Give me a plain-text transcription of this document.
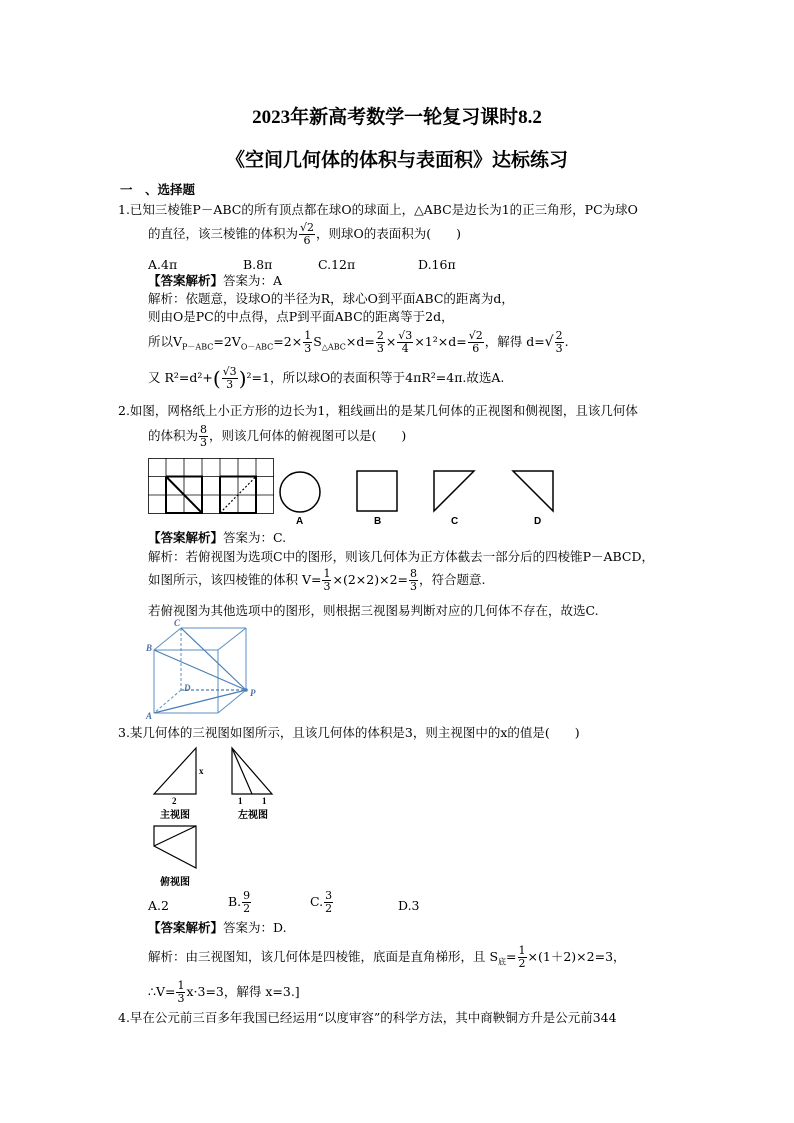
2023年新高考数学一轮复习课时8.2
《空间几何体的体积与表面积》达标练习
一　、选择题
1.已知三棱锥P－ABC的所有顶点都在球O的球面上，△ABC是边长为1的正三角形，PC为球O
的直径，该三棱锥的体积为 $\frac{√2}{6}$ ，则球O的表面积为(　　)
A.4π	B.8π	C.12π	D.16π
【答案解析】答案为：A
解析：依题意，设球O的半径为R，球心O到平面ABC的距离为d，
则由O是PC的中点得，点P到平面ABC的距离等于2d，
所以$V_{P-ABC}=2V_{O-ABC}=2\times \frac{1}{3} S_{\triangle ABC}\times d= \frac{2}{3} \times \frac{√3}{4} \times 1^2\times d= \frac{√2}{6}$ ，解得 $d=√ \frac{2}{3}$ .
又 $R^2=d^2+( \frac{√3}{3} )^2=1$，所以球O的表面积等于4πR²=4π.故选A.
2.如图，网格纸上小正方形的边长为1，粗线画出的是某几何体的正视图和侧视图，且该几何体
的体积为 $\frac{8}{3}$ ，则该几何体的俯视图可以是(　　)
A	B	C	D
【答案解析】答案为：C.
解析：若俯视图为选项C中的图形，则该几何体为正方体截去一部分后的四棱锥P－ABCD，
如图所示，该四棱锥的体积 $V= \frac{1}{3} \times(2\times 2)\times 2= \frac{8}{3}$ ，符合题意.
若俯视图为其他选项中的图形，则根据三视图易判断对应的几何体不存在，故选C.
C
B
D
A
P
3.某几何体的三视图如图所示，且该几何体的体积是3，则主视图中的x的值是(　　)
x
2
主视图
1 1
左视图
俯视图
A.2	B. $\frac{9}{2}$	C. $\frac{3}{2}$	D.3
【答案解析】答案为：D.
解析：由三视图知，该几何体是四棱锥，底面是直角梯形，且 $S_底= \frac{1}{2} \times(1+2)\times 2=3$，
∴V= $\frac{1}{3} x\cdot 3=3$，解得 x=3.]
4.早在公元前三百多年我国已经运用“以度审容”的科学方法，其中商鞅铜方升是公元前344
